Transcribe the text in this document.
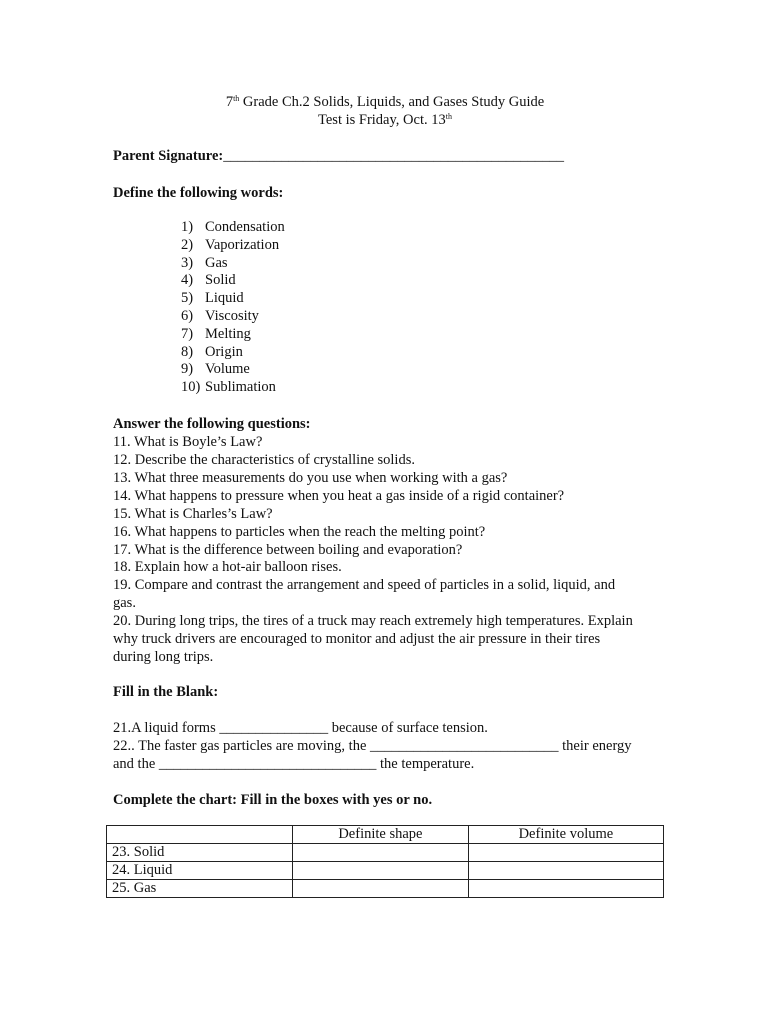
7th Grade Ch.2 Solids, Liquids, and Gases Study Guide
Test is Friday, Oct. 13th
Parent Signature:_______________________________________________
Define the following words:
1) Condensation
2) Vaporization
3) Gas
4) Solid
5) Liquid
6) Viscosity
7) Melting
8) Origin
9) Volume
10) Sublimation
Answer the following questions:
11. What is Boyle’s Law?
12. Describe the characteristics of crystalline solids.
13. What three measurements do you use when working with a gas?
14. What happens to pressure when you heat a gas inside of a rigid container?
15. What is Charles’s Law?
16. What happens to particles when the reach the melting point?
17. What is the difference between boiling and evaporation?
18. Explain how a hot-air balloon rises.
19. Compare and contrast the arrangement and speed of particles in a solid, liquid, and
gas.
20. During long trips, the tires of a truck may reach extremely high temperatures. Explain
why truck drivers are encouraged to monitor and adjust the air pressure in their tires
during long trips.
Fill in the Blank:
21.A liquid forms _______________ because of surface tension.
22.. The faster gas particles are moving, the __________________________ their energy
and the ______________________________ the temperature.
Complete the chart: Fill in the boxes with yes or no.
	Definite shape	Definite volume
23. Solid		
24. Liquid		
25. Gas		
